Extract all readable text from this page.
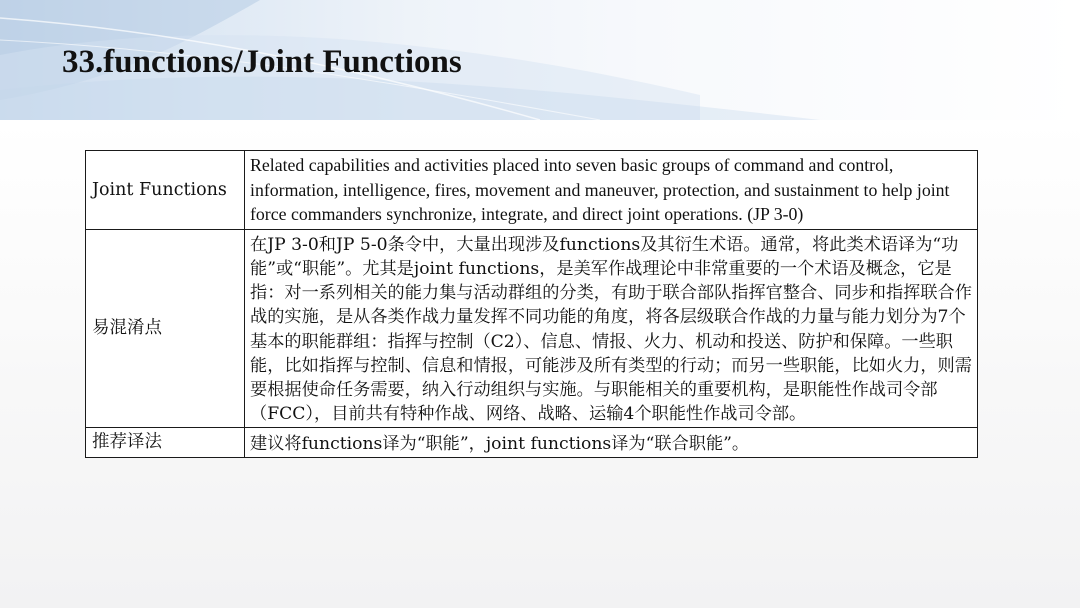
33.functions/Joint Functions
Joint Functions	Related capabilities and activities placed into seven basic groups of command and control, information, intelligence, fires, movement and maneuver, protection, and sustainment to help joint force commanders synchronize, integrate, and direct joint operations. (JP 3-0)
易混淆点	在JP 3-0和JP 5-0条令中，大量出现涉及functions及其衍生术语。通常，将此类术语译为“功能”或“职能”。尤其是joint functions，是美军作战理论中非常重要的一个术语及概念，它是指：对一系列相关的能力集与活动群组的分类，有助于联合部队指挥官整合、同步和指挥联合作战的实施，是从各类作战力量发挥不同功能的角度，将各层级联合作战的力量与能力划分为7个基本的职能群组：指挥与控制（C2）、信息、情报、火力、机动和投送、防护和保障。一些职能，比如指挥与控制、信息和情报，可能涉及所有类型的行动；而另一些职能，比如火力，则需要根据使命任务需要，纳入行动组织与实施。与职能相关的重要机构，是职能性作战司令部（FCC），目前共有特种作战、网络、战略、运输4个职能性作战司令部。
推荐译法	建议将functions译为“职能”，joint functions译为“联合职能”。
